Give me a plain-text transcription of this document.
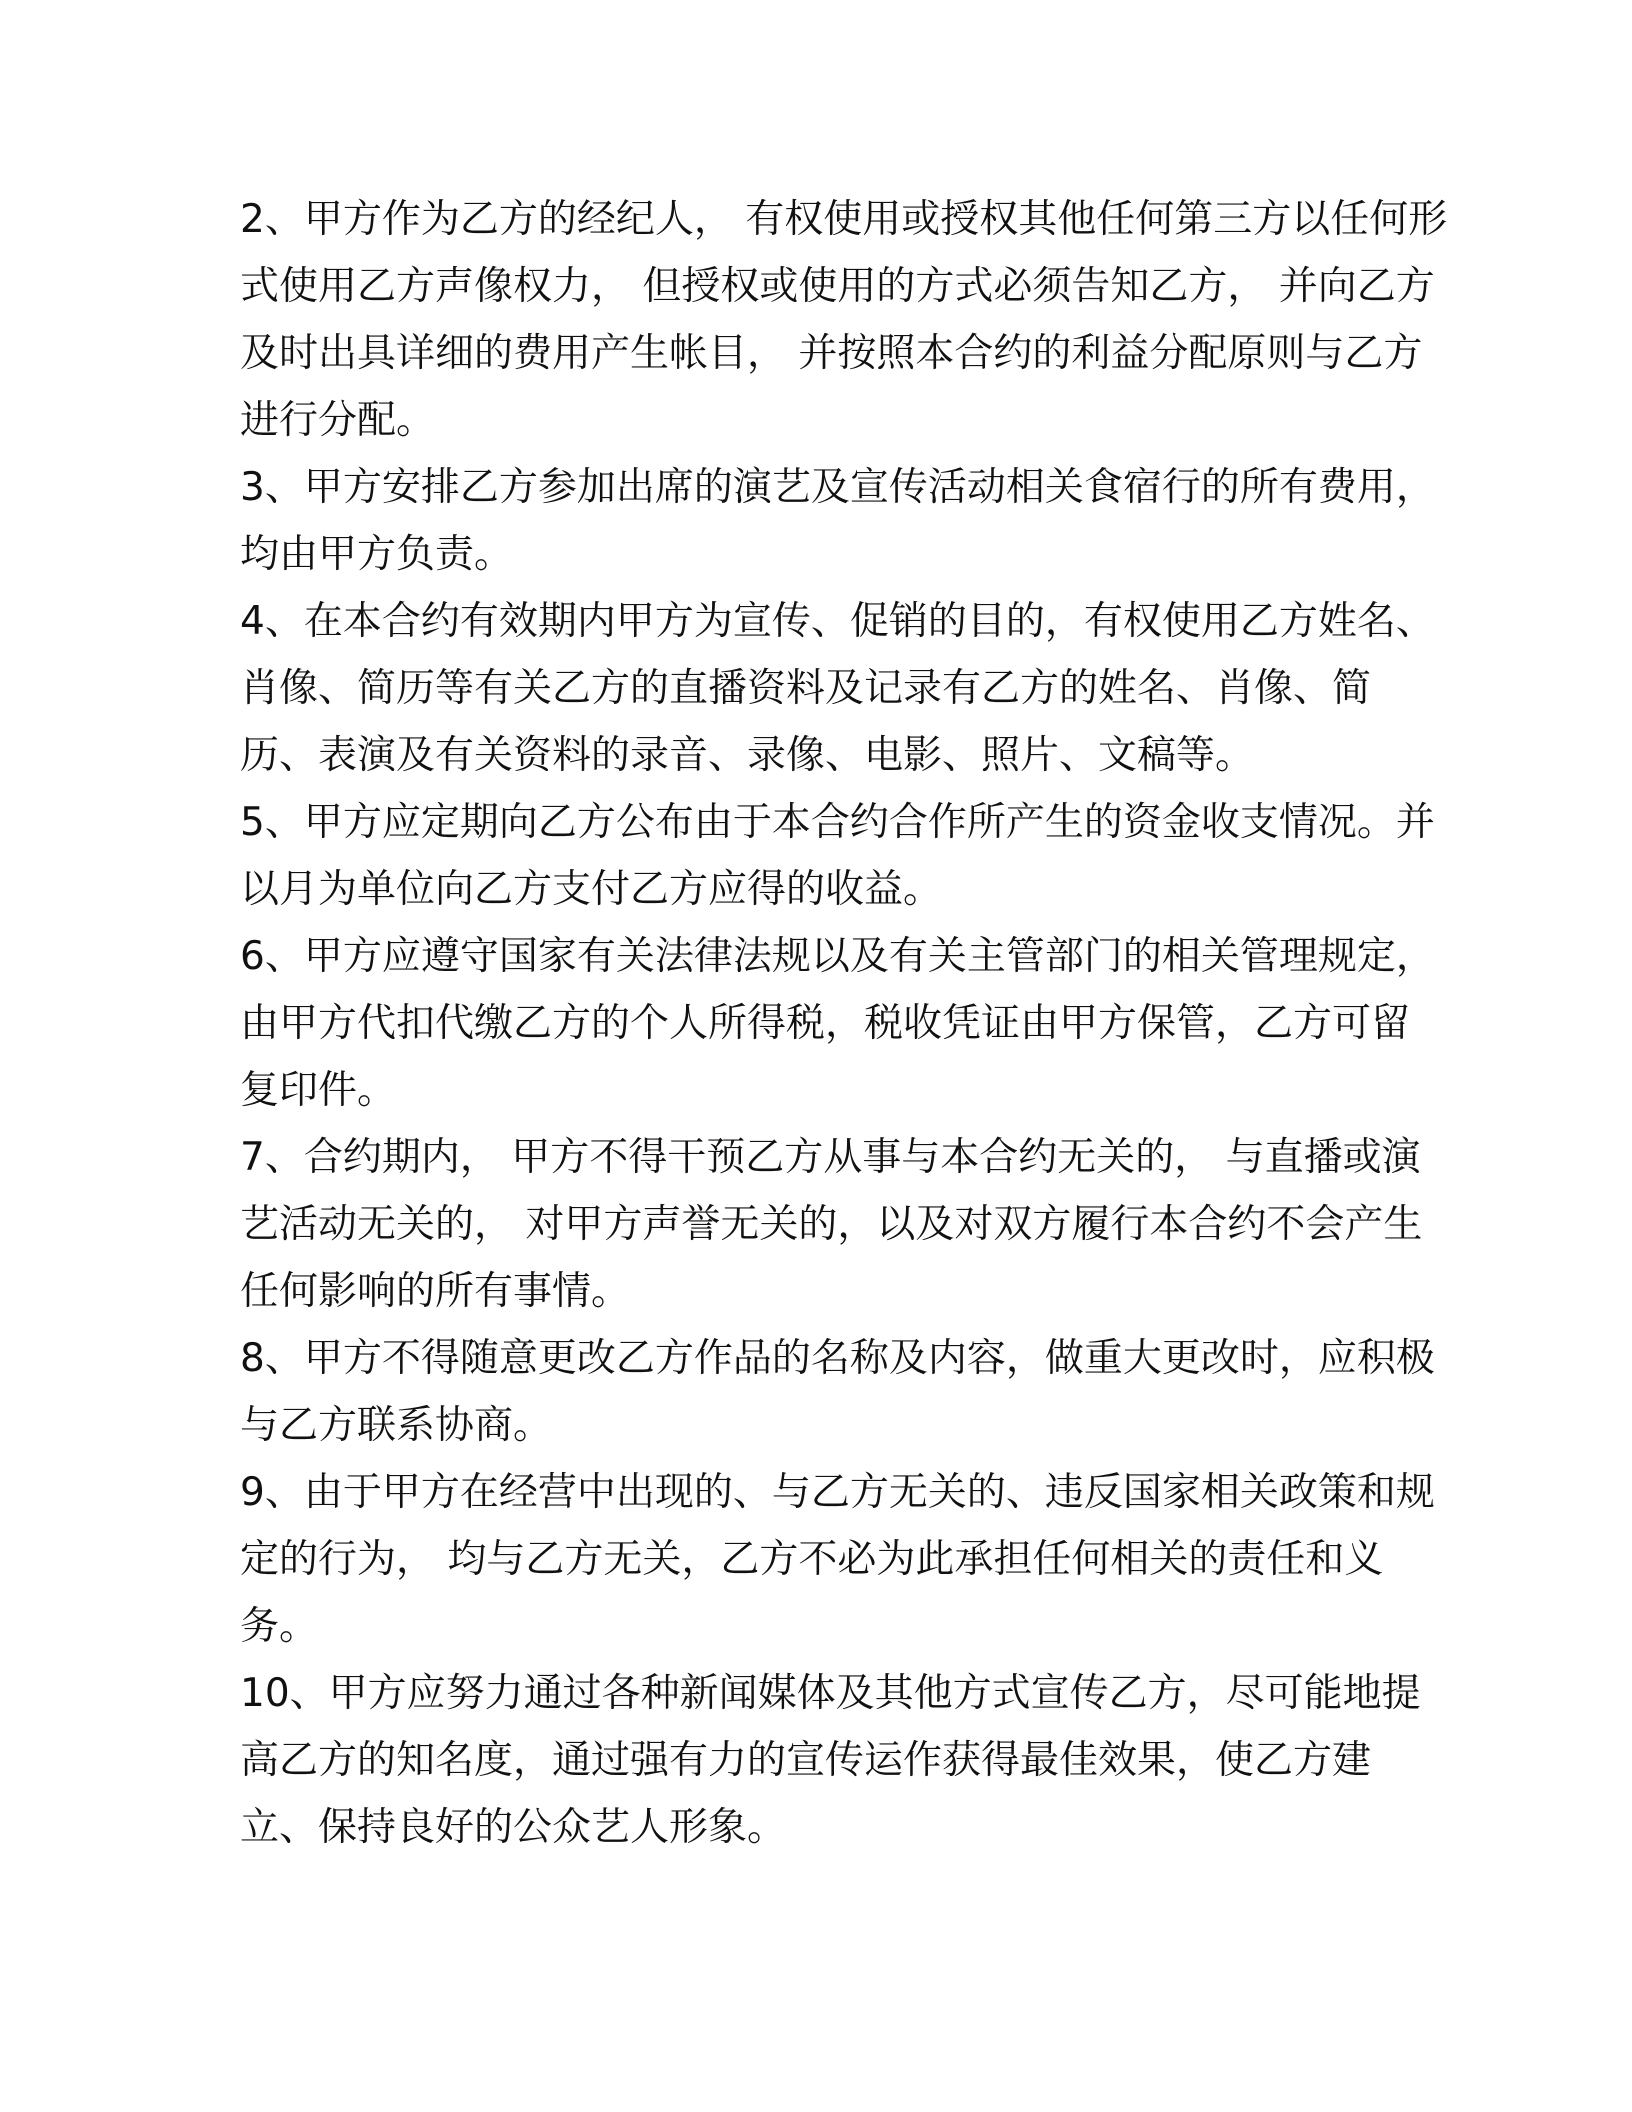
2、甲方作为乙方的经纪人， 有权使用或授权其他任何第三方以任何形
式使用乙方声像权力， 但授权或使用的方式必须告知乙方， 并向乙方
及时出具详细的费用产生帐目， 并按照本合约的利益分配原则与乙方
进行分配。
3、甲方安排乙方参加出席的演艺及宣传活动相关食宿行的所有费用，
均由甲方负责。
4、在本合约有效期内甲方为宣传、促销的目的，有权使用乙方姓名、
肖像、简历等有关乙方的直播资料及记录有乙方的姓名、肖像、简
历、表演及有关资料的录音、录像、电影、照片、文稿等。
5、甲方应定期向乙方公布由于本合约合作所产生的资金收支情况。并
以月为单位向乙方支付乙方应得的收益。
6、甲方应遵守国家有关法律法规以及有关主管部门的相关管理规定，
由甲方代扣代缴乙方的个人所得税，税收凭证由甲方保管，乙方可留
复印件。
7、合约期内， 甲方不得干预乙方从事与本合约无关的， 与直播或演
艺活动无关的， 对甲方声誉无关的，以及对双方履行本合约不会产生
任何影响的所有事情。
8、甲方不得随意更改乙方作品的名称及内容，做重大更改时，应积极
与乙方联系协商。
9、由于甲方在经营中出现的、与乙方无关的、违反国家相关政策和规
定的行为， 均与乙方无关，乙方不必为此承担任何相关的责任和义
务。
10、甲方应努力通过各种新闻媒体及其他方式宣传乙方，尽可能地提
高乙方的知名度，通过强有力的宣传运作获得最佳效果，使乙方建
立、保持良好的公众艺人形象。
